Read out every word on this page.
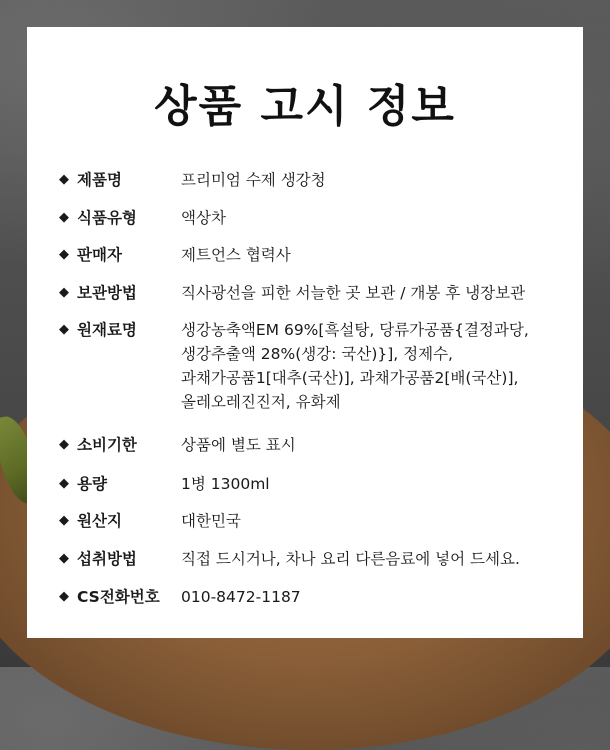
상품 고시 정보
◆ 제품명	프리미엄 수제 생강청
◆ 식품유형	액상차
◆ 판매자	제트언스 협력사
◆ 보관방법	직사광선을 피한 서늘한 곳 보관 / 개봉 후 냉장보관
◆ 원재료명	생강농축액EM 69%[흑설탕, 당류가공품{결정과당,
생강추출액 28%(생강: 국산)}], 정제수,
과채가공품1[대추(국산)], 과채가공품2[배(국산)],
올레오레진진저, 유화제
◆ 소비기한	상품에 별도 표시
◆ 용량	1병 1300ml
◆ 원산지	대한민국
◆ 섭취방법	직접 드시거나, 차나 요리 다른음료에 넣어 드세요.
◆ CS전화번호	010-8472-1187
